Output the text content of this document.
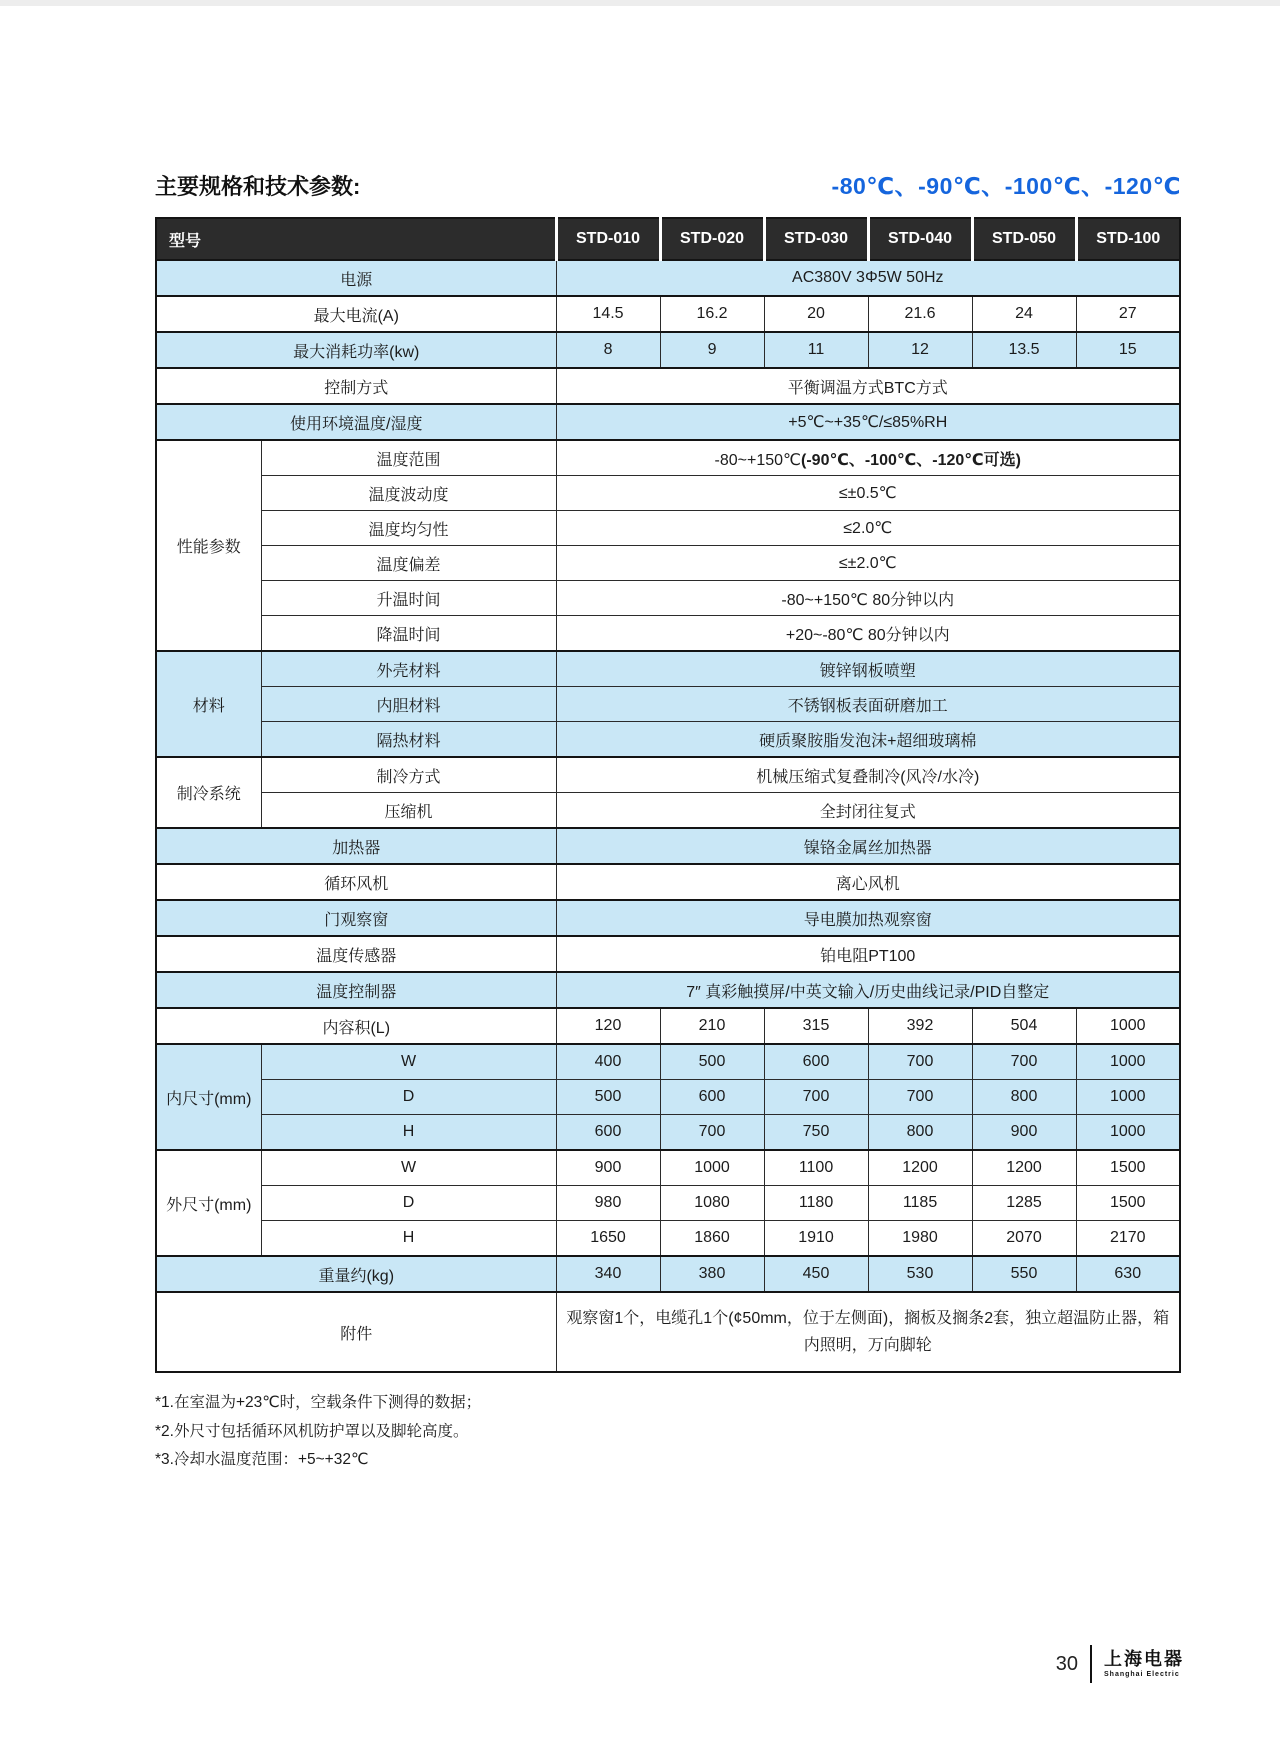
主要规格和技术参数:	-80℃、-90℃、-100℃、-120℃
型号		STD-010	STD-020	STD-030	STD-040	STD-050	STD-100
电源		AC380V 3Φ5W 50Hz					
最大电流(A)		14.5	16.2	20	21.6	24	27
最大消耗功率(kw)		8	9	11	12	13.5	15
控制方式		平衡调温方式BTC方式					
使用环境温度/湿度		+5℃~+35℃/≤85%RH					
性能参数	温度范围	-80~+150℃(-90℃、-100℃、-120℃可选)					
	温度波动度	≤±0.5℃					
	温度均匀性	≤2.0℃					
	温度偏差	≤±2.0℃					
	升温时间	-80~+150℃ 80分钟以内					
	降温时间	+20~-80℃ 80分钟以内					
材料	外壳材料	镀锌钢板喷塑					
	内胆材料	不锈钢板表面研磨加工					
	隔热材料	硬质聚胺脂发泡沫+超细玻璃棉					
制冷系统	制冷方式	机械压缩式复叠制冷(风冷/水冷)					
	压缩机	全封闭往复式					
加热器		镍铬金属丝加热器					
循环风机		离心风机					
门观察窗		导电膜加热观察窗					
温度传感器		铂电阻PT100					
温度控制器		7″ 真彩触摸屏/中英文输入/历史曲线记录/PID自整定					
内容积(L)		120	210	315	392	504	1000
内尺寸(mm)	W	400	500	600	700	700	1000
	D	500	600	700	700	800	1000
	H	600	700	750	800	900	1000
外尺寸(mm)	W	900	1000	1100	1200	1200	1500
	D	980	1080	1180	1185	1285	1500
	H	1650	1860	1910	1980	2070	2170
重量约(kg)		340	380	450	530	550	630
附件		观察窗1个，电缆孔1个(¢50mm，位于左侧面)，搁板及搁条2套，独立超温防止器，箱内照明，万向脚轮					
*1.在室温为+23℃时，空载条件下测得的数据；
*2.外尺寸包括循环风机防护罩以及脚轮高度。
*3.冷却水温度范围：+5~+32℃
30 上海电器
Shanghai Electric
